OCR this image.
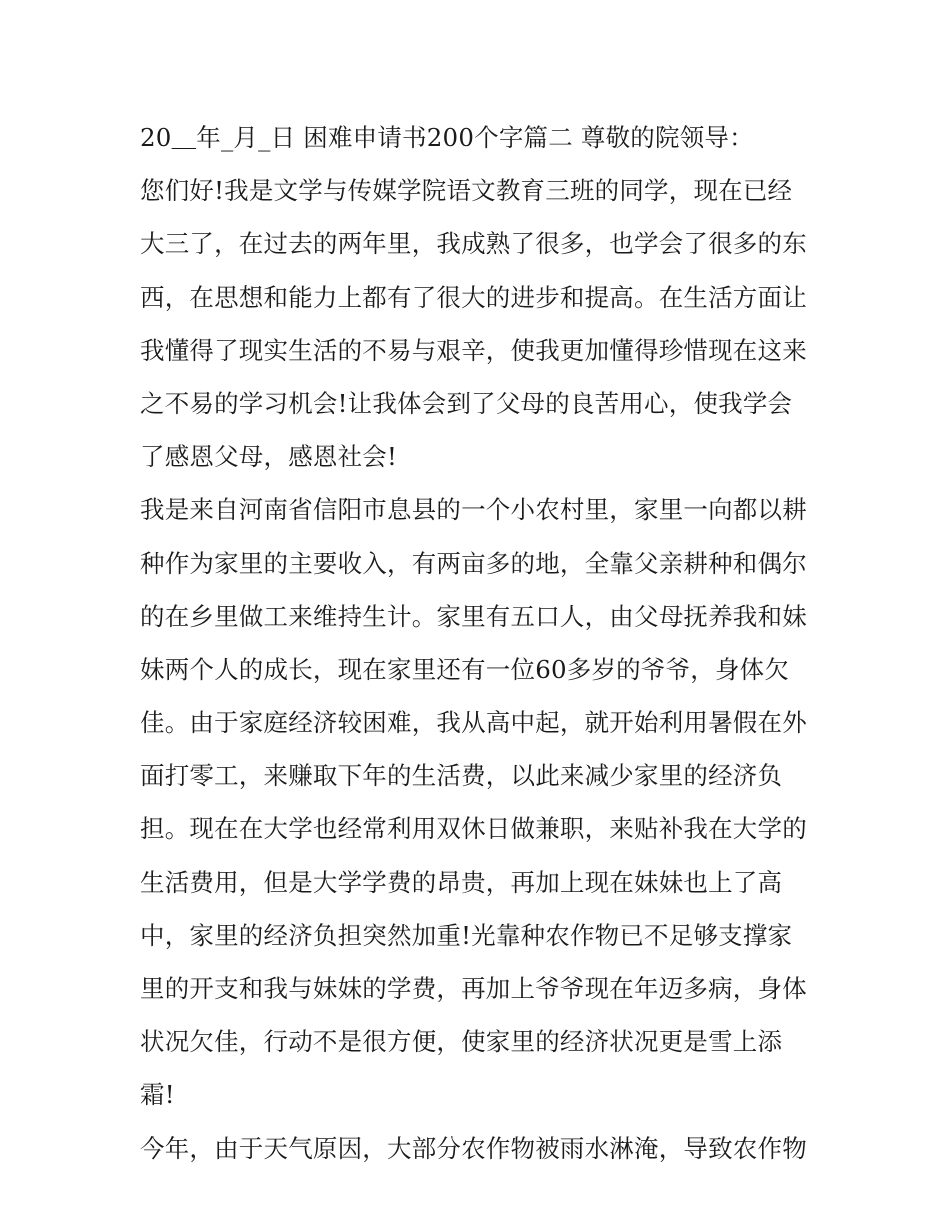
20＿年_月_日 困难申请书200个字篇二 尊敬的院领导：
您们好!我是文学与传媒学院语文教育三班的同学，现在已经
大三了，在过去的两年里，我成熟了很多，也学会了很多的东
西，在思想和能力上都有了很大的进步和提高。在生活方面让
我懂得了现实生活的不易与艰辛，使我更加懂得珍惜现在这来
之不易的学习机会!让我体会到了父母的良苦用心，使我学会
了感恩父母，感恩社会!
我是来自河南省信阳市息县的一个小农村里，家里一向都以耕
种作为家里的主要收入，有两亩多的地，全靠父亲耕种和偶尔
的在乡里做工来维持生计。家里有五口人，由父母抚养我和妹
妹两个人的成长，现在家里还有一位60多岁的爷爷，身体欠
佳。由于家庭经济较困难，我从高中起，就开始利用暑假在外
面打零工，来赚取下年的生活费，以此来减少家里的经济负
担。现在在大学也经常利用双休日做兼职，来贴补我在大学的
生活费用，但是大学学费的昂贵，再加上现在妹妹也上了高
中，家里的经济负担突然加重!光靠种农作物已不足够支撑家
里的开支和我与妹妹的学费，再加上爷爷现在年迈多病，身体
状况欠佳，行动不是很方便，使家里的经济状况更是雪上添
霜!
今年，由于天气原因，大部分农作物被雨水淋淹，导致农作物
